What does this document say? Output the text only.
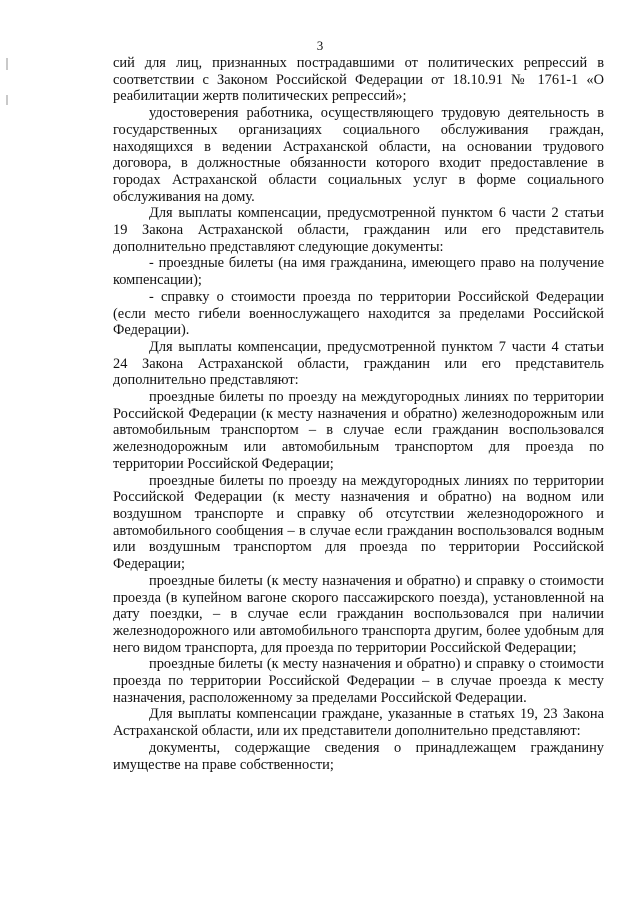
3

сий для лиц, признанных пострадавшими от политических репрессий в соответствии с Законом Российской Федерации от 18.10.91 № 1761-1 «О реабилитации жертв политических репрессий»;

удостоверения работника, осуществляющего трудовую деятельность в государственных организациях социального обслуживания граждан, находящихся в ведении Астраханской области, на основании трудового договора, в должностные обязанности которого входит предоставление в городах Астраханской области социальных услуг в форме социального обслуживания на дому.

Для выплаты компенсации, предусмотренной пунктом 6 части 2 статьи 19 Закона Астраханской области, гражданин или его представитель дополнительно представляют следующие документы:

- проездные билеты (на имя гражданина, имеющего право на получение компенсации);

- справку о стоимости проезда по территории Российской Федерации (если место гибели военнослужащего находится за пределами Российской Федерации).

Для выплаты компенсации, предусмотренной пунктом 7 части 4 статьи 24 Закона Астраханской области, гражданин или его представитель дополнительно представляют:

проездные билеты по проезду на междугородных линиях по территории Российской Федерации (к месту назначения и обратно) железнодорожным или автомобильным транспортом – в случае если гражданин воспользовался железнодорожным или автомобильным транспортом для проезда по территории Российской Федерации;

проездные билеты по проезду на междугородных линиях по территории Российской Федерации (к месту назначения и обратно) на водном или воздушном транспорте и справку об отсутствии железнодорожного и автомобильного сообщения – в случае если гражданин воспользовался водным или воздушным транспортом для проезда по территории Российской Федерации;

проездные билеты (к месту назначения и обратно) и справку о стоимости проезда (в купейном вагоне скорого пассажирского поезда), установленной на дату поездки, – в случае если гражданин воспользовался при наличии железнодорожного или автомобильного транспорта другим, более удобным для него видом транспорта, для проезда по территории Российской Федерации;

проездные билеты (к месту назначения и обратно) и справку о стоимости проезда по территории Российской Федерации – в случае проезда к месту назначения, расположенному за пределами Российской Федерации.

Для выплаты компенсации граждане, указанные в статьях 19, 23 Закона Астраханской области, или их представители дополнительно представляют:

документы, содержащие сведения о принадлежащем гражданину имуществе на праве собственности;
